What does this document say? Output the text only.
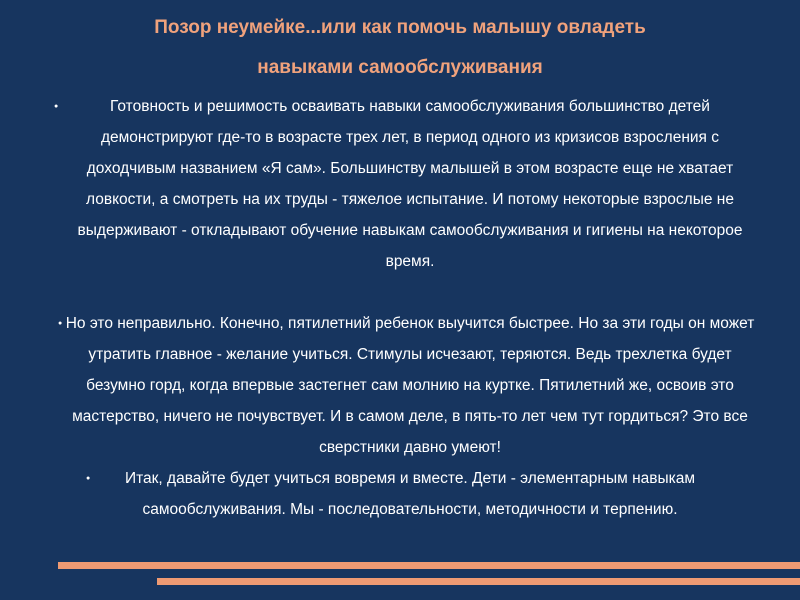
Позор неумейке...или как помочь малышу овладеть
навыками самообслуживания

●	Готовность и решимость осваивать навыки самообслуживания большинство детей демонстрируют где-то в возрасте трех лет, в период одного из кризисов взросления с доходчивым названием «Я сам». Большинству малышей в этом возрасте еще не хватает ловкости, а смотреть на их труды - тяжелое испытание. И потому некоторые взрослые не выдерживают - откладывают обучение навыкам самообслуживания и гигиены на некоторое время.

● Но это неправильно. Конечно, пятилетний ребенок выучится быстрее. Но за эти годы он может утратить главное - желание учиться. Стимулы исчезают, теряются. Ведь трехлетка будет безумно горд, когда впервые застегнет сам молнию на куртке. Пятилетний же, освоив это мастерство, ничего не почувствует. И в самом деле, в пять-то лет чем тут гордиться? Это все сверстники давно умеют!

● Итак, давайте будет учиться вовремя и вместе. Дети - элементарным навыкам самообслуживания. Мы - последовательности, методичности и терпению.
